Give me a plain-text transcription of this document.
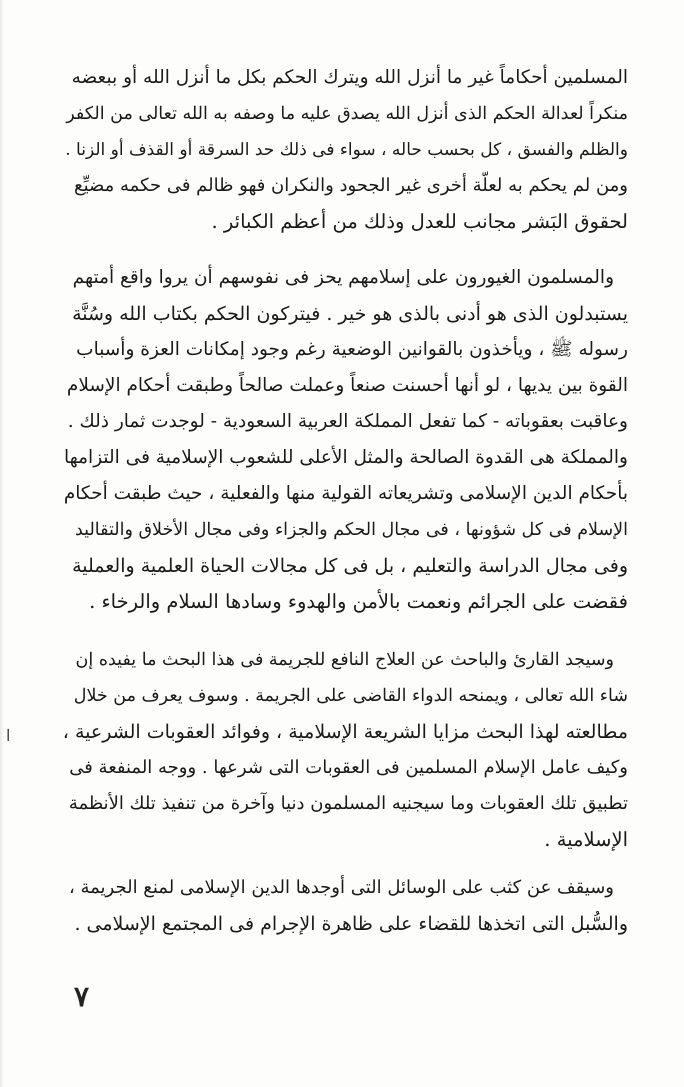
المسلمين أحكاماً غير ما أنزل الله ويترك الحكم بكل ما أنزل الله أو ببعضه
منكراً لعدالة الحكم الذى أنزل الله يصدق عليه ما وصفه به الله تعالى من الكفر
والظلم والفسق ، كل بحسب حاله ، سواء فى ذلك حد السرقة أو القذف أو الزنا .
ومن لم يحكم به لعلّة أخرى غير الجحود والنكران فهو ظالم فى حكمه مضيِّع
لحقوق البَشر مجانب للعدل وذلك من أعظم الكبائر .
والمسلمون الغيورون على إسلامهم يحز فى نفوسهم أن يروا واقع أمتهم
يستبدلون الذى هو أدنى بالذى هو خير . فيتركون الحكم بكتاب الله وسُنَّة
رسوله ﷺ ، ويأخذون بالقوانين الوضعية رغم وجود إمكانات العزة وأسباب
القوة بين يديها ، لو أنها أحسنت صنعاً وعملت صالحاً وطبقت أحكام الإسلام
وعاقبت بعقوباته - كما تفعل المملكة العربية السعودية - لوجدت ثمار ذلك .
والمملكة هى القدوة الصالحة والمثل الأعلى للشعوب الإسلامية فى التزامها
بأحكام الدين الإسلامى وتشريعاته القولية منها والفعلية ، حيث طبقت أحكام
الإسلام فى كل شؤونها ، فى مجال الحكم والجزاء وفى مجال الأخلاق والتقاليد
وفى مجال الدراسة والتعليم ، بل فى كل مجالات الحياة العلمية والعملية
فقضت على الجرائم ونعمت بالأمن والهدوء وسادها السلام والرخاء .
وسيجد القارئ والباحث عن العلاج النافع للجريمة فى هذا البحث ما يفيده إن
شاء الله تعالى ، ويمنحه الدواء القاضى على الجريمة . وسوف يعرف من خلال
مطالعته لهذا البحث مزايا الشريعة الإسلامية ، وفوائد العقوبات الشرعية ،
وكيف عامل الإسلام المسلمين فى العقوبات التى شرعها . ووجه المنفعة فى
تطبيق تلك العقوبات وما سيجنيه المسلمون دنيا وآخرة من تنفيذ تلك الأنظمة
الإسلامية .
وسيقف عن كثب على الوسائل التى أوجدها الدين الإسلامى لمنع الجريمة ،
والسُّبل التى اتخذها للقضاء على ظاهرة الإجرام فى المجتمع الإسلامى .
ا
٧
